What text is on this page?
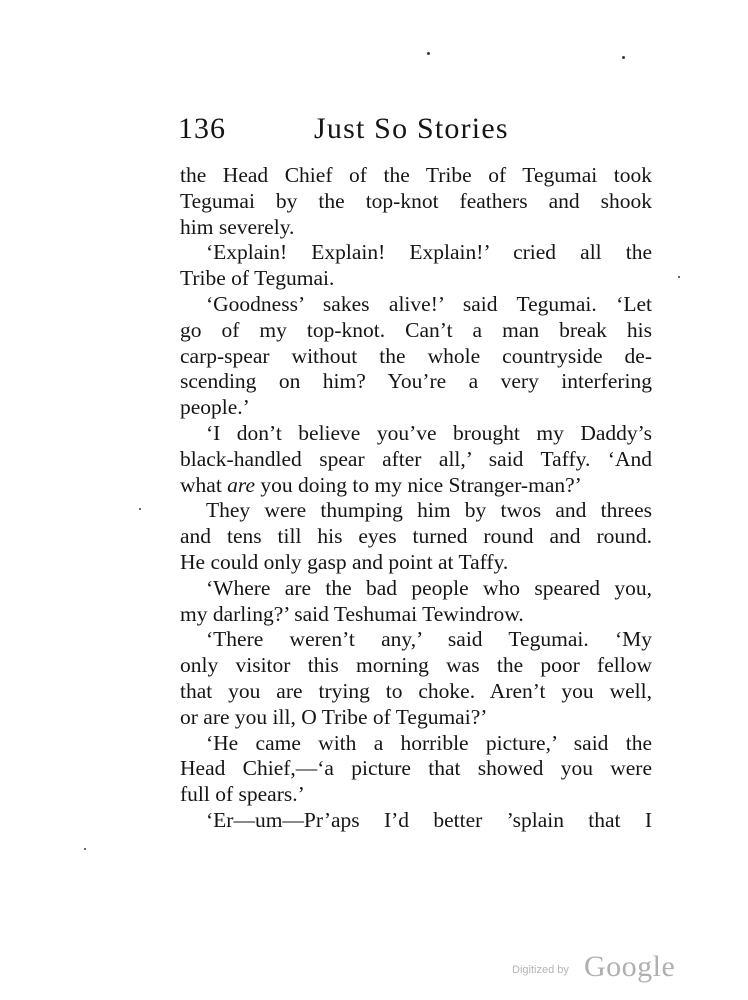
136	Just So Stories
the Head Chief of the Tribe of Tegumai took
Tegumai by the top-knot feathers and shook
him severely.
‘Explain! Explain! Explain!’ cried all the
Tribe of Tegumai.
‘Goodness’ sakes alive!’ said Tegumai. ‘Let
go of my top-knot. Can’t a man break his
carp-spear without the whole countryside de-
scending on him? You’re a very interfering
people.’
‘I don’t believe you’ve brought my Daddy’s
black-handled spear after all,’ said Taffy. ‘And
what are you doing to my nice Stranger-man?’
They were thumping him by twos and threes
and tens till his eyes turned round and round.
He could only gasp and point at Taffy.
‘Where are the bad people who speared you,
my darling?’ said Teshumai Tewindrow.
‘There weren’t any,’ said Tegumai. ‘My
only visitor this morning was the poor fellow
that you are trying to choke. Aren’t you well,
or are you ill, O Tribe of Tegumai?’
‘He came with a horrible picture,’ said the
Head Chief,—‘a picture that showed you were
full of spears.’
‘Er—um—Pr’aps I’d better ’splain that I
Digitized by Google
